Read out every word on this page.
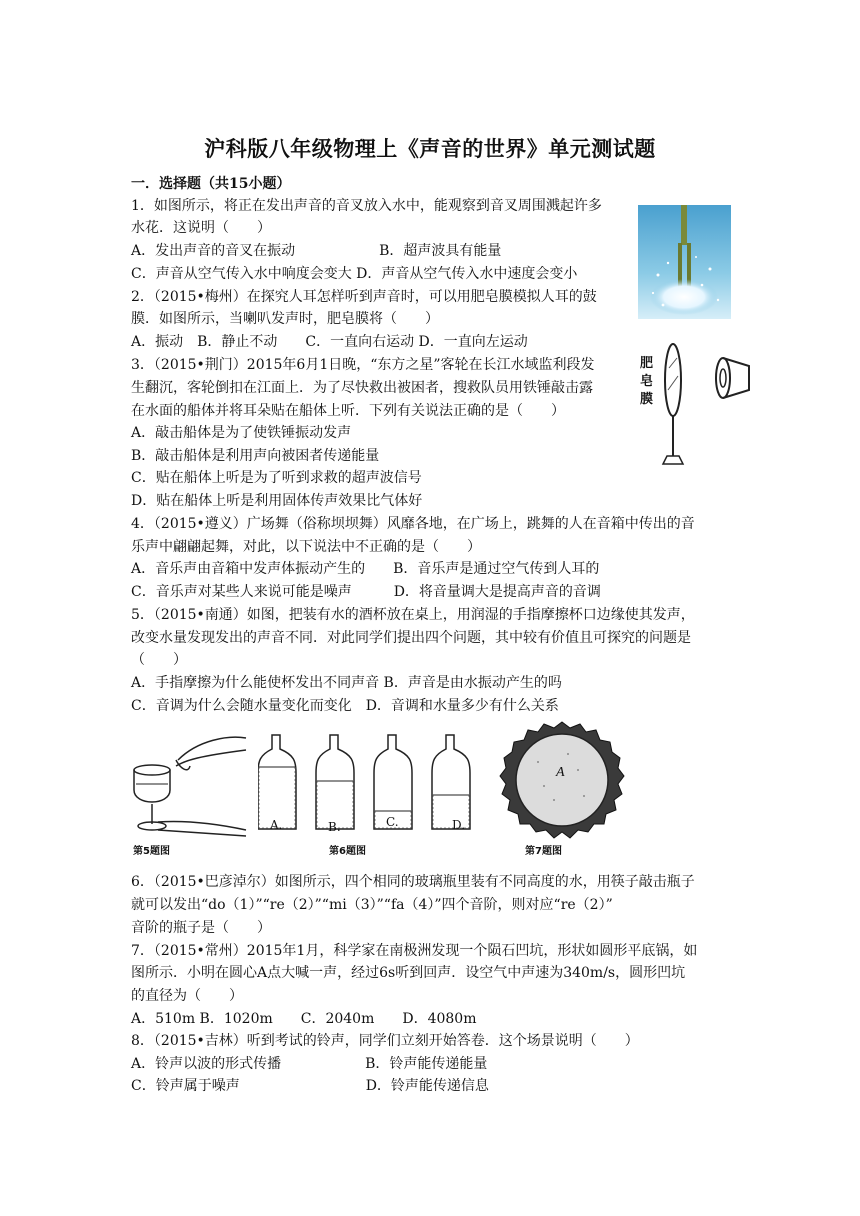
沪科版八年级物理上《声音的世界》单元测试题
一．选择题（共15小题）
1．如图所示，将正在发出声音的音叉放入水中，能观察到音叉周围溅起许多
水花．这说明（　　）
A．发出声音的音叉在振动　　　　　　B．超声波具有能量
C．声音从空气传入水中响度会变大 D．声音从空气传入水中速度会变小
2．（2015•梅州）在探究人耳怎样听到声音时，可以用肥皂膜模拟人耳的鼓
膜．如图所示，当喇叭发声时，肥皂膜将（　　）
A．振动　B．静止不动　　C．一直向右运动 D．一直向左运动
3．（2015•荆门）2015年6月1日晚，“东方之星”客轮在长江水域监利段发
生翻沉，客轮倒扣在江面上．为了尽快救出被困者，搜救队员用铁锤敲击露
在水面的船体并将耳朵贴在船体上听．下列有关说法正确的是（　　）
A．敲击船体是为了使铁锤振动发声
B．敲击船体是利用声向被困者传递能量
C．贴在船体上听是为了听到求救的超声波信号
D．贴在船体上听是利用固体传声效果比气体好
4．（2015•遵义）广场舞（俗称坝坝舞）风靡各地，在广场上，跳舞的人在音箱中传出的音
乐声中翩翩起舞，对此，以下说法中不正确的是（　　）
A．音乐声由音箱中发声体振动产生的　　B．音乐声是通过空气传到人耳的
C．音乐声对某些人来说可能是噪声　　　D．将音量调大是提高声音的音调
5．（2015•南通）如图，把装有水的酒杯放在桌上，用润湿的手指摩擦杯口边缘使其发声，
改变水量发现发出的声音不同．对此同学们提出四个问题，其中较有价值且可探究的问题是
（　　）
A．手指摩擦为什么能使杯发出不同声音 B．声音是由水振动产生的吗
C．音调为什么会随水量变化而变化　D．音调和水量多少有什么关系
6．（2015•巴彦淖尔）如图所示，四个相同的玻璃瓶里装有不同高度的水，用筷子敲击瓶子
就可以发出“do（1）”“re（2）”“mi（3）”“fa（4）”四个音阶，则对应“re（2）”
音阶的瓶子是（　　）
7．（2015•常州）2015年1月，科学家在南极洲发现一个陨石凹坑，形状如圆形平底锅，如
图所示．小明在圆心A点大喊一声，经过6s听到回声．设空气中声速为340m/s，圆形凹坑
的直径为（　　）
A．510m B．1020m　　C．2040m　　D．4080m
8．（2015•吉林）听到考试的铃声，同学们立刻开始答卷．这个场景说明（　　）
A．铃声以波的形式传播　　　　　　B．铃声能传递能量
C．铃声属于噪声　　　　　　　　　D．铃声能传递信息
肥
皂
膜
第5题图
A.	B.	C.	D.
第6题图
A
第7题图
